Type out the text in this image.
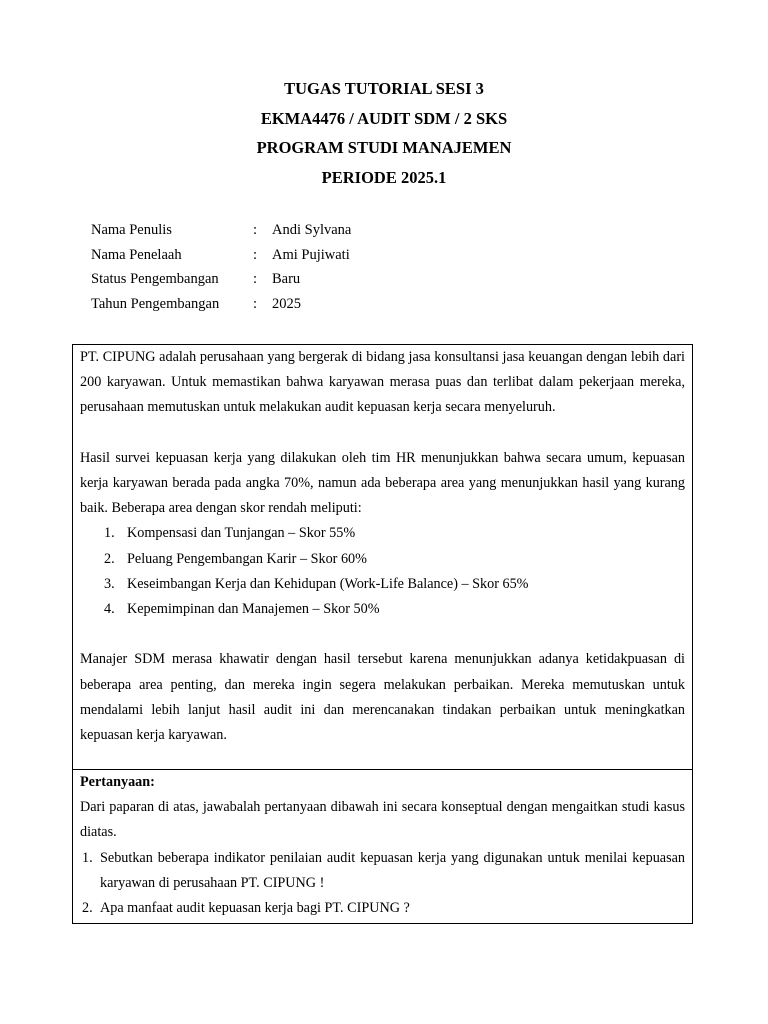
TUGAS TUTORIAL SESI 3
EKMA4476 / AUDIT SDM / 2 SKS
PROGRAM STUDI MANAJEMEN
PERIODE 2025.1
Nama Penulis	: Andi Sylvana
Nama Penelaah	: Ami Pujiwati
Status Pengembangan : Baru
Tahun Pengembangan : 2025

PT. CIPUNG adalah perusahaan yang bergerak di bidang jasa konsultansi jasa keuangan dengan lebih dari 200 karyawan. Untuk memastikan bahwa karyawan merasa puas dan terlibat dalam pekerjaan mereka, perusahaan memutuskan untuk melakukan audit kepuasan kerja secara menyeluruh.

Hasil survei kepuasan kerja yang dilakukan oleh tim HR menunjukkan bahwa secara umum, kepuasan kerja karyawan berada pada angka 70%, namun ada beberapa area yang menunjukkan hasil yang kurang baik. Beberapa area dengan skor rendah meliputi:

1. Kompensasi dan Tunjangan – Skor 55%
2. Peluang Pengembangan Karir – Skor 60%
3. Keseimbangan Kerja dan Kehidupan (Work-Life Balance) – Skor 65%
4. Kepemimpinan dan Manajemen – Skor 50%

Manajer SDM merasa khawatir dengan hasil tersebut karena menunjukkan adanya ketidakpuasan di beberapa area penting, dan mereka ingin segera melakukan perbaikan. Mereka memutuskan untuk mendalami lebih lanjut hasil audit ini dan merencanakan tindakan perbaikan untuk meningkatkan kepuasan kerja karyawan.

Pertanyaan:

Dari paparan di atas, jawabalah pertanyaan dibawah ini secara konseptual dengan mengaitkan studi kasus diatas.

1. Sebutkan beberapa indikator penilaian audit kepuasan kerja yang digunakan untuk menilai kepuasan karyawan di perusahaan PT. CIPUNG !
2. Apa manfaat audit kepuasan kerja bagi PT. CIPUNG ?
